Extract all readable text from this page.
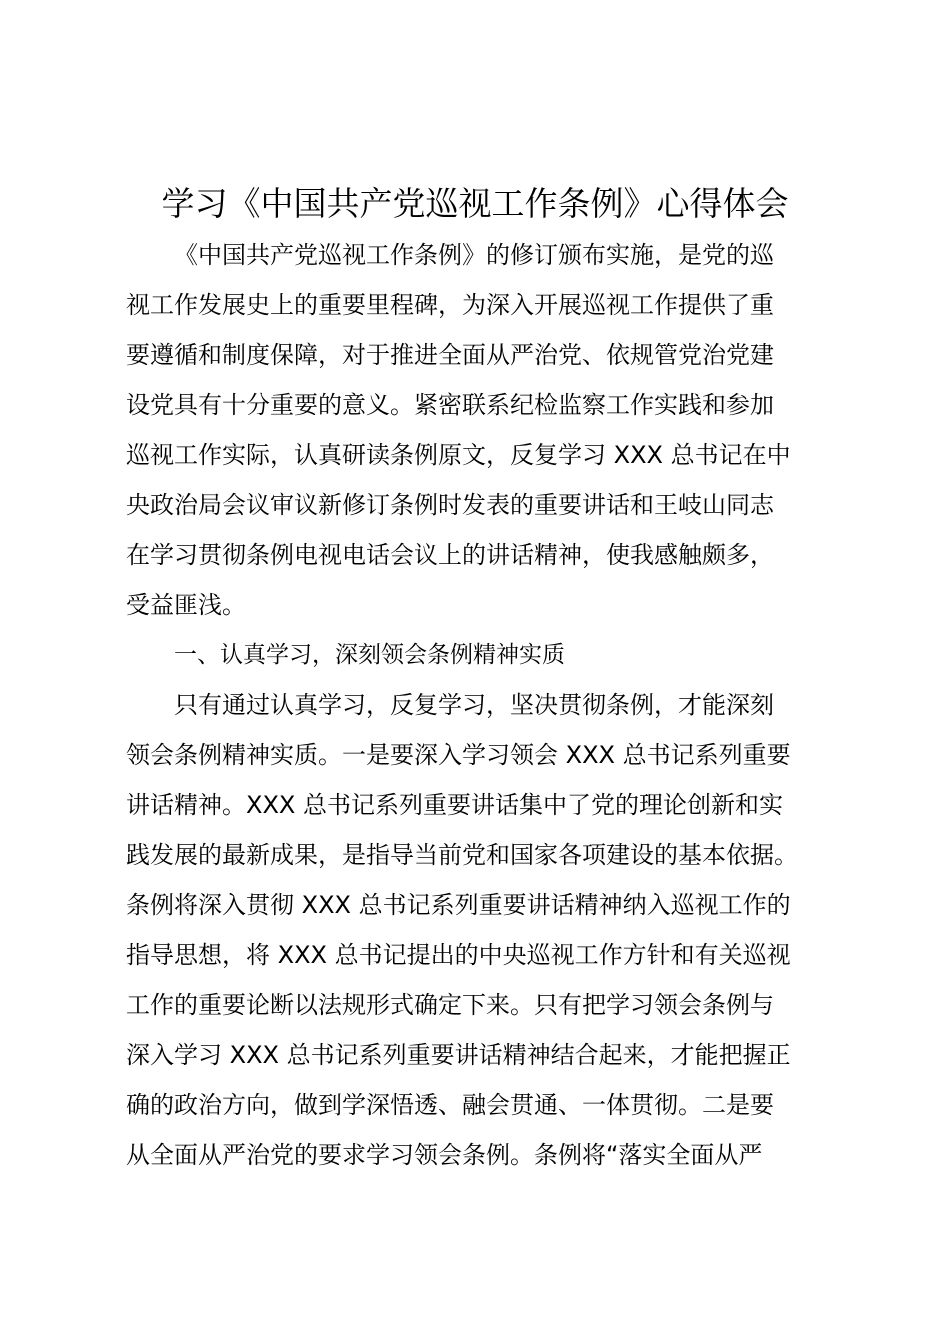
学习《中国共产党巡视工作条例》心得体会

《中国共产党巡视工作条例》的修订颁布实施，是党的巡

视工作发展史上的重要里程碑，为深入开展巡视工作提供了重
要遵循和制度保障，对于推进全面从严治党、依规管党治党建
设党具有十分重要的意义。紧密联系纪检监察工作实践和参加
巡视工作实际，认真研读条例原文，反复学习 XXX 总书记在中
央政治局会议审议新修订条例时发表的重要讲话和王岐山同志
在学习贯彻条例电视电话会议上的讲话精神，使我感触颇多，
受益匪浅。

一、认真学习，深刻领会条例精神实质

只有通过认真学习，反复学习，坚决贯彻条例，才能深刻

领会条例精神实质。一是要深入学习领会 XXX 总书记系列重要
讲话精神。XXX 总书记系列重要讲话集中了党的理论创新和实
践发展的最新成果，是指导当前党和国家各项建设的基本依据。
条例将深入贯彻 XXX 总书记系列重要讲话精神纳入巡视工作的
指导思想，将 XXX 总书记提出的中央巡视工作方针和有关巡视
工作的重要论断以法规形式确定下来。只有把学习领会条例与
深入学习 XXX 总书记系列重要讲话精神结合起来，才能把握正
确的政治方向，做到学深悟透、融会贯通、一体贯彻。二是要
从全面从严治党的要求学习领会条例。条例将“落实全面从严
